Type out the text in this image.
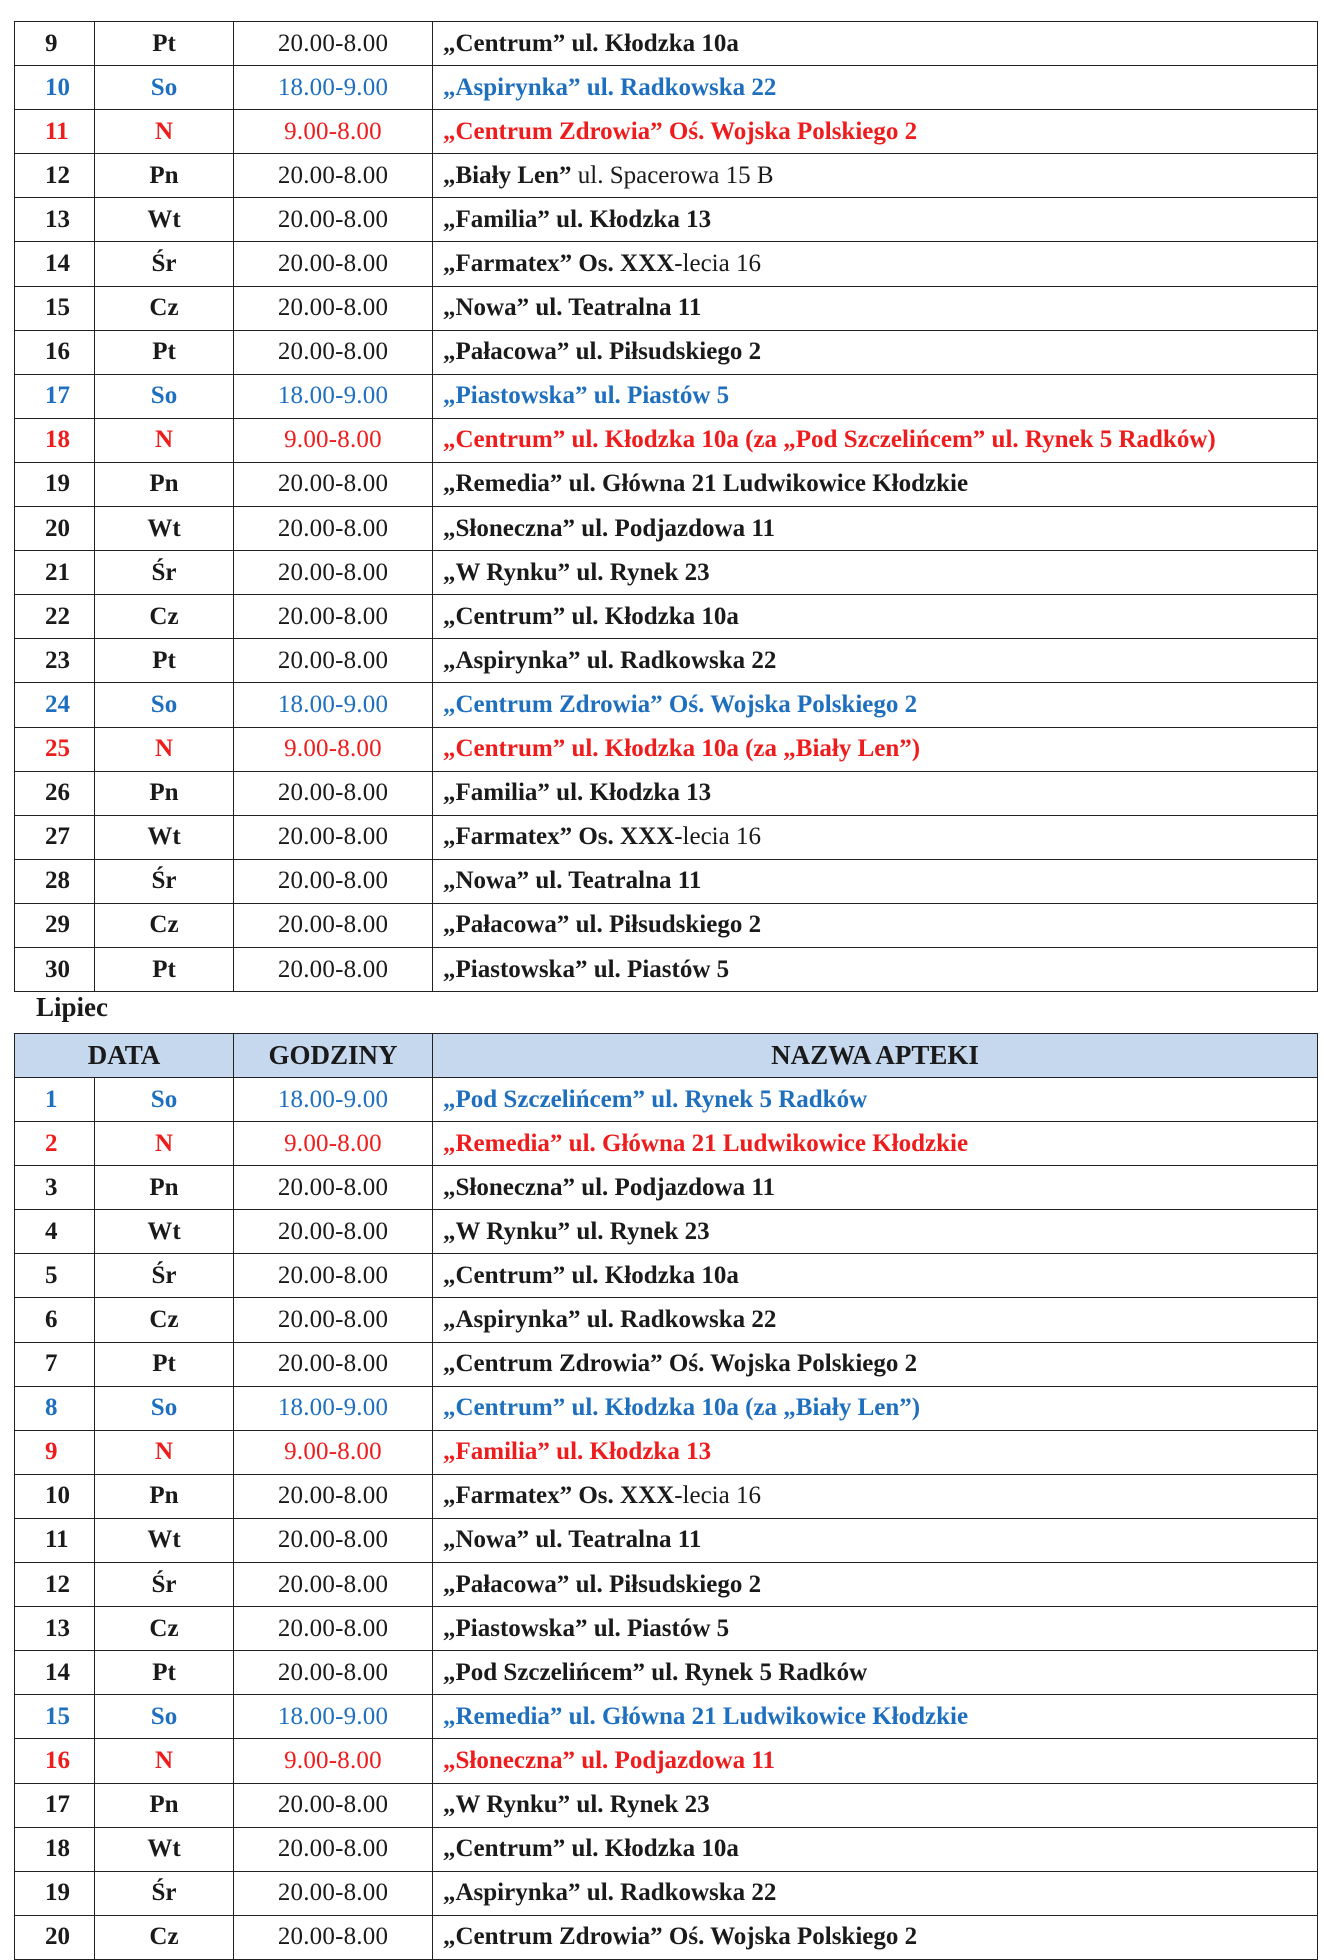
9	Pt	20.00-8.00	„Centrum” ul. Kłodzka 10a
10	So	18.00-9.00	„Aspirynka” ul. Radkowska 22
11	N	9.00-8.00	„Centrum Zdrowia” Oś. Wojska Polskiego 2
12	Pn	20.00-8.00	„Biały Len” ul. Spacerowa 15 B
13	Wt	20.00-8.00	„Familia” ul. Kłodzka 13
14	Śr	20.00-8.00	„Farmatex” Os. XXX-lecia 16
15	Cz	20.00-8.00	„Nowa” ul. Teatralna 11
16	Pt	20.00-8.00	„Pałacowa” ul. Piłsudskiego 2
17	So	18.00-9.00	„Piastowska” ul. Piastów 5
18	N	9.00-8.00	„Centrum” ul. Kłodzka 10a (za „Pod Szczelińcem” ul. Rynek 5 Radków)
19	Pn	20.00-8.00	„Remedia” ul. Główna 21 Ludwikowice Kłodzkie
20	Wt	20.00-8.00	„Słoneczna” ul. Podjazdowa 11
21	Śr	20.00-8.00	„W Rynku” ul. Rynek 23
22	Cz	20.00-8.00	„Centrum” ul. Kłodzka 10a
23	Pt	20.00-8.00	„Aspirynka” ul. Radkowska 22
24	So	18.00-9.00	„Centrum Zdrowia” Oś. Wojska Polskiego 2
25	N	9.00-8.00	„Centrum” ul. Kłodzka 10a (za „Biały Len”)
26	Pn	20.00-8.00	„Familia” ul. Kłodzka 13
27	Wt	20.00-8.00	„Farmatex” Os. XXX-lecia 16
28	Śr	20.00-8.00	„Nowa” ul. Teatralna 11
29	Cz	20.00-8.00	„Pałacowa” ul. Piłsudskiego 2
30	Pt	20.00-8.00	„Piastowska” ul. Piastów 5
Lipiec
DATA		GODZINY	NAZWA APTEKI
1	So	18.00-9.00	„Pod Szczelińcem” ul. Rynek 5 Radków
2	N	9.00-8.00	„Remedia” ul. Główna 21 Ludwikowice Kłodzkie
3	Pn	20.00-8.00	„Słoneczna” ul. Podjazdowa 11
4	Wt	20.00-8.00	„W Rynku” ul. Rynek 23
5	Śr	20.00-8.00	„Centrum” ul. Kłodzka 10a
6	Cz	20.00-8.00	„Aspirynka” ul. Radkowska 22
7	Pt	20.00-8.00	„Centrum Zdrowia” Oś. Wojska Polskiego 2
8	So	18.00-9.00	„Centrum” ul. Kłodzka 10a (za „Biały Len”)
9	N	9.00-8.00	„Familia” ul. Kłodzka 13
10	Pn	20.00-8.00	„Farmatex” Os. XXX-lecia 16
11	Wt	20.00-8.00	„Nowa” ul. Teatralna 11
12	Śr	20.00-8.00	„Pałacowa” ul. Piłsudskiego 2
13	Cz	20.00-8.00	„Piastowska” ul. Piastów 5
14	Pt	20.00-8.00	„Pod Szczelińcem” ul. Rynek 5 Radków
15	So	18.00-9.00	„Remedia” ul. Główna 21 Ludwikowice Kłodzkie
16	N	9.00-8.00	„Słoneczna” ul. Podjazdowa 11
17	Pn	20.00-8.00	„W Rynku” ul. Rynek 23
18	Wt	20.00-8.00	„Centrum” ul. Kłodzka 10a
19	Śr	20.00-8.00	„Aspirynka” ul. Radkowska 22
20	Cz	20.00-8.00	„Centrum Zdrowia” Oś. Wojska Polskiego 2
